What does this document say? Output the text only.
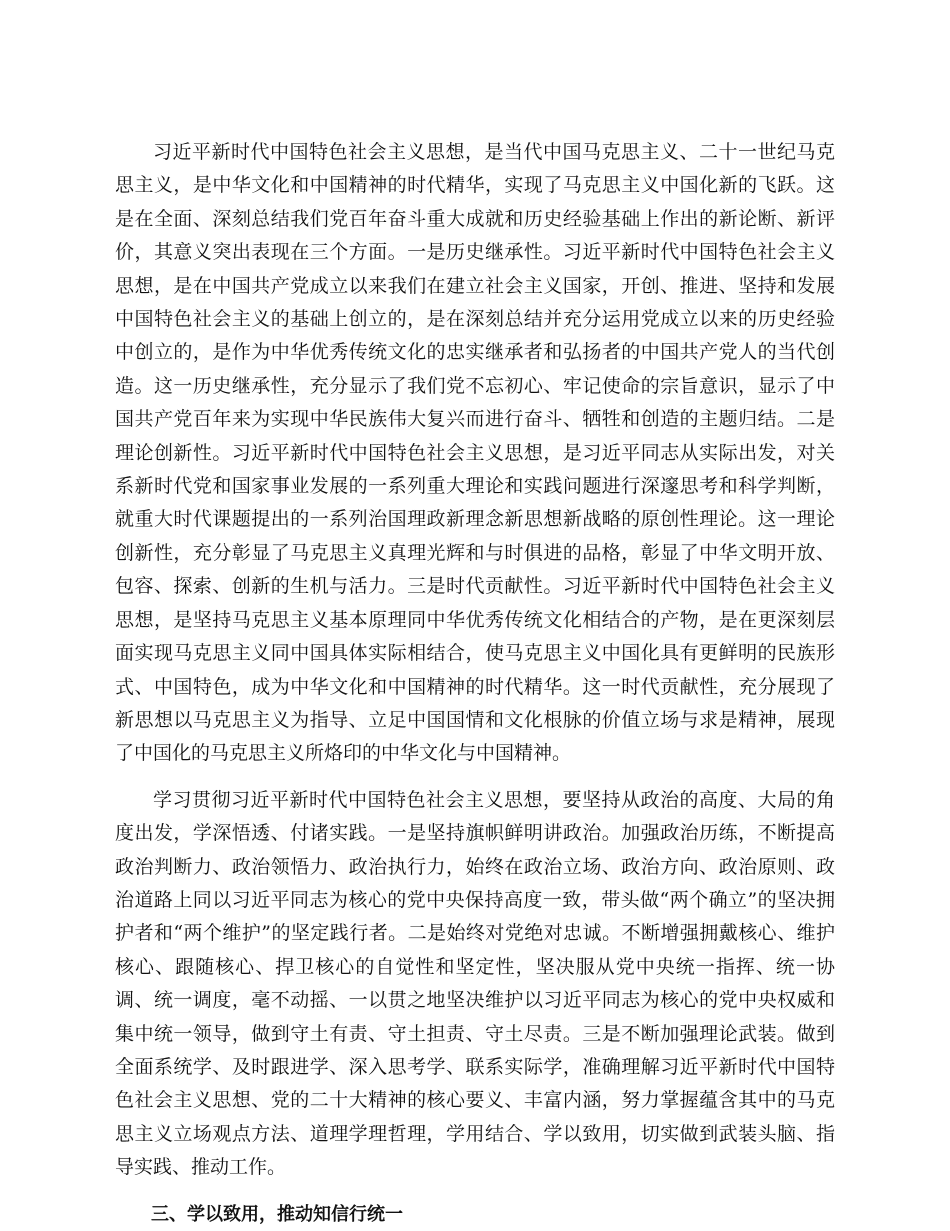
习近平新时代中国特色社会主义思想，是当代中国马克思主义、二十一世纪马克思主义，是中华文化和中国精神的时代精华，实现了马克思主义中国化新的飞跃。这是在全面、深刻总结我们党百年奋斗重大成就和历史经验基础上作出的新论断、新评价，其意义突出表现在三个方面。一是历史继承性。习近平新时代中国特色社会主义思想，是在中国共产党成立以来我们在建立社会主义国家，开创、推进、坚持和发展中国特色社会主义的基础上创立的，是在深刻总结并充分运用党成立以来的历史经验中创立的，是作为中华优秀传统文化的忠实继承者和弘扬者的中国共产党人的当代创造。这一历史继承性，充分显示了我们党不忘初心、牢记使命的宗旨意识，显示了中国共产党百年来为实现中华民族伟大复兴而进行奋斗、牺牲和创造的主题归结。二是理论创新性。习近平新时代中国特色社会主义思想，是习近平同志从实际出发，对关系新时代党和国家事业发展的一系列重大理论和实践问题进行深邃思考和科学判断，就重大时代课题提出的一系列治国理政新理念新思想新战略的原创性理论。这一理论创新性，充分彰显了马克思主义真理光辉和与时俱进的品格，彰显了中华文明开放、包容、探索、创新的生机与活力。三是时代贡献性。习近平新时代中国特色社会主义思想，是坚持马克思主义基本原理同中华优秀传统文化相结合的产物，是在更深刻层面实现马克思主义同中国具体实际相结合，使马克思主义中国化具有更鲜明的民族形式、中国特色，成为中华文化和中国精神的时代精华。这一时代贡献性，充分展现了新思想以马克思主义为指导、立足中国国情和文化根脉的价值立场与求是精神，展现了中国化的马克思主义所烙印的中华文化与中国精神。

学习贯彻习近平新时代中国特色社会主义思想，要坚持从政治的高度、大局的角度出发，学深悟透、付诸实践。一是坚持旗帜鲜明讲政治。加强政治历练，不断提高政治判断力、政治领悟力、政治执行力，始终在政治立场、政治方向、政治原则、政治道路上同以习近平同志为核心的党中央保持高度一致，带头做“两个确立”的坚决拥护者和“两个维护”的坚定践行者。二是始终对党绝对忠诚。不断增强拥戴核心、维护核心、跟随核心、捍卫核心的自觉性和坚定性，坚决服从党中央统一指挥、统一协调、统一调度，毫不动摇、一以贯之地坚决维护以习近平同志为核心的党中央权威和集中统一领导，做到守土有责、守土担责、守土尽责。三是不断加强理论武装。做到全面系统学、及时跟进学、深入思考学、联系实际学，准确理解习近平新时代中国特色社会主义思想、党的二十大精神的核心要义、丰富内涵，努力掌握蕴含其中的马克思主义立场观点方法、道理学理哲理，学用结合、学以致用，切实做到武装头脑、指导实践、推动工作。

三、学以致用，推动知信行统一
